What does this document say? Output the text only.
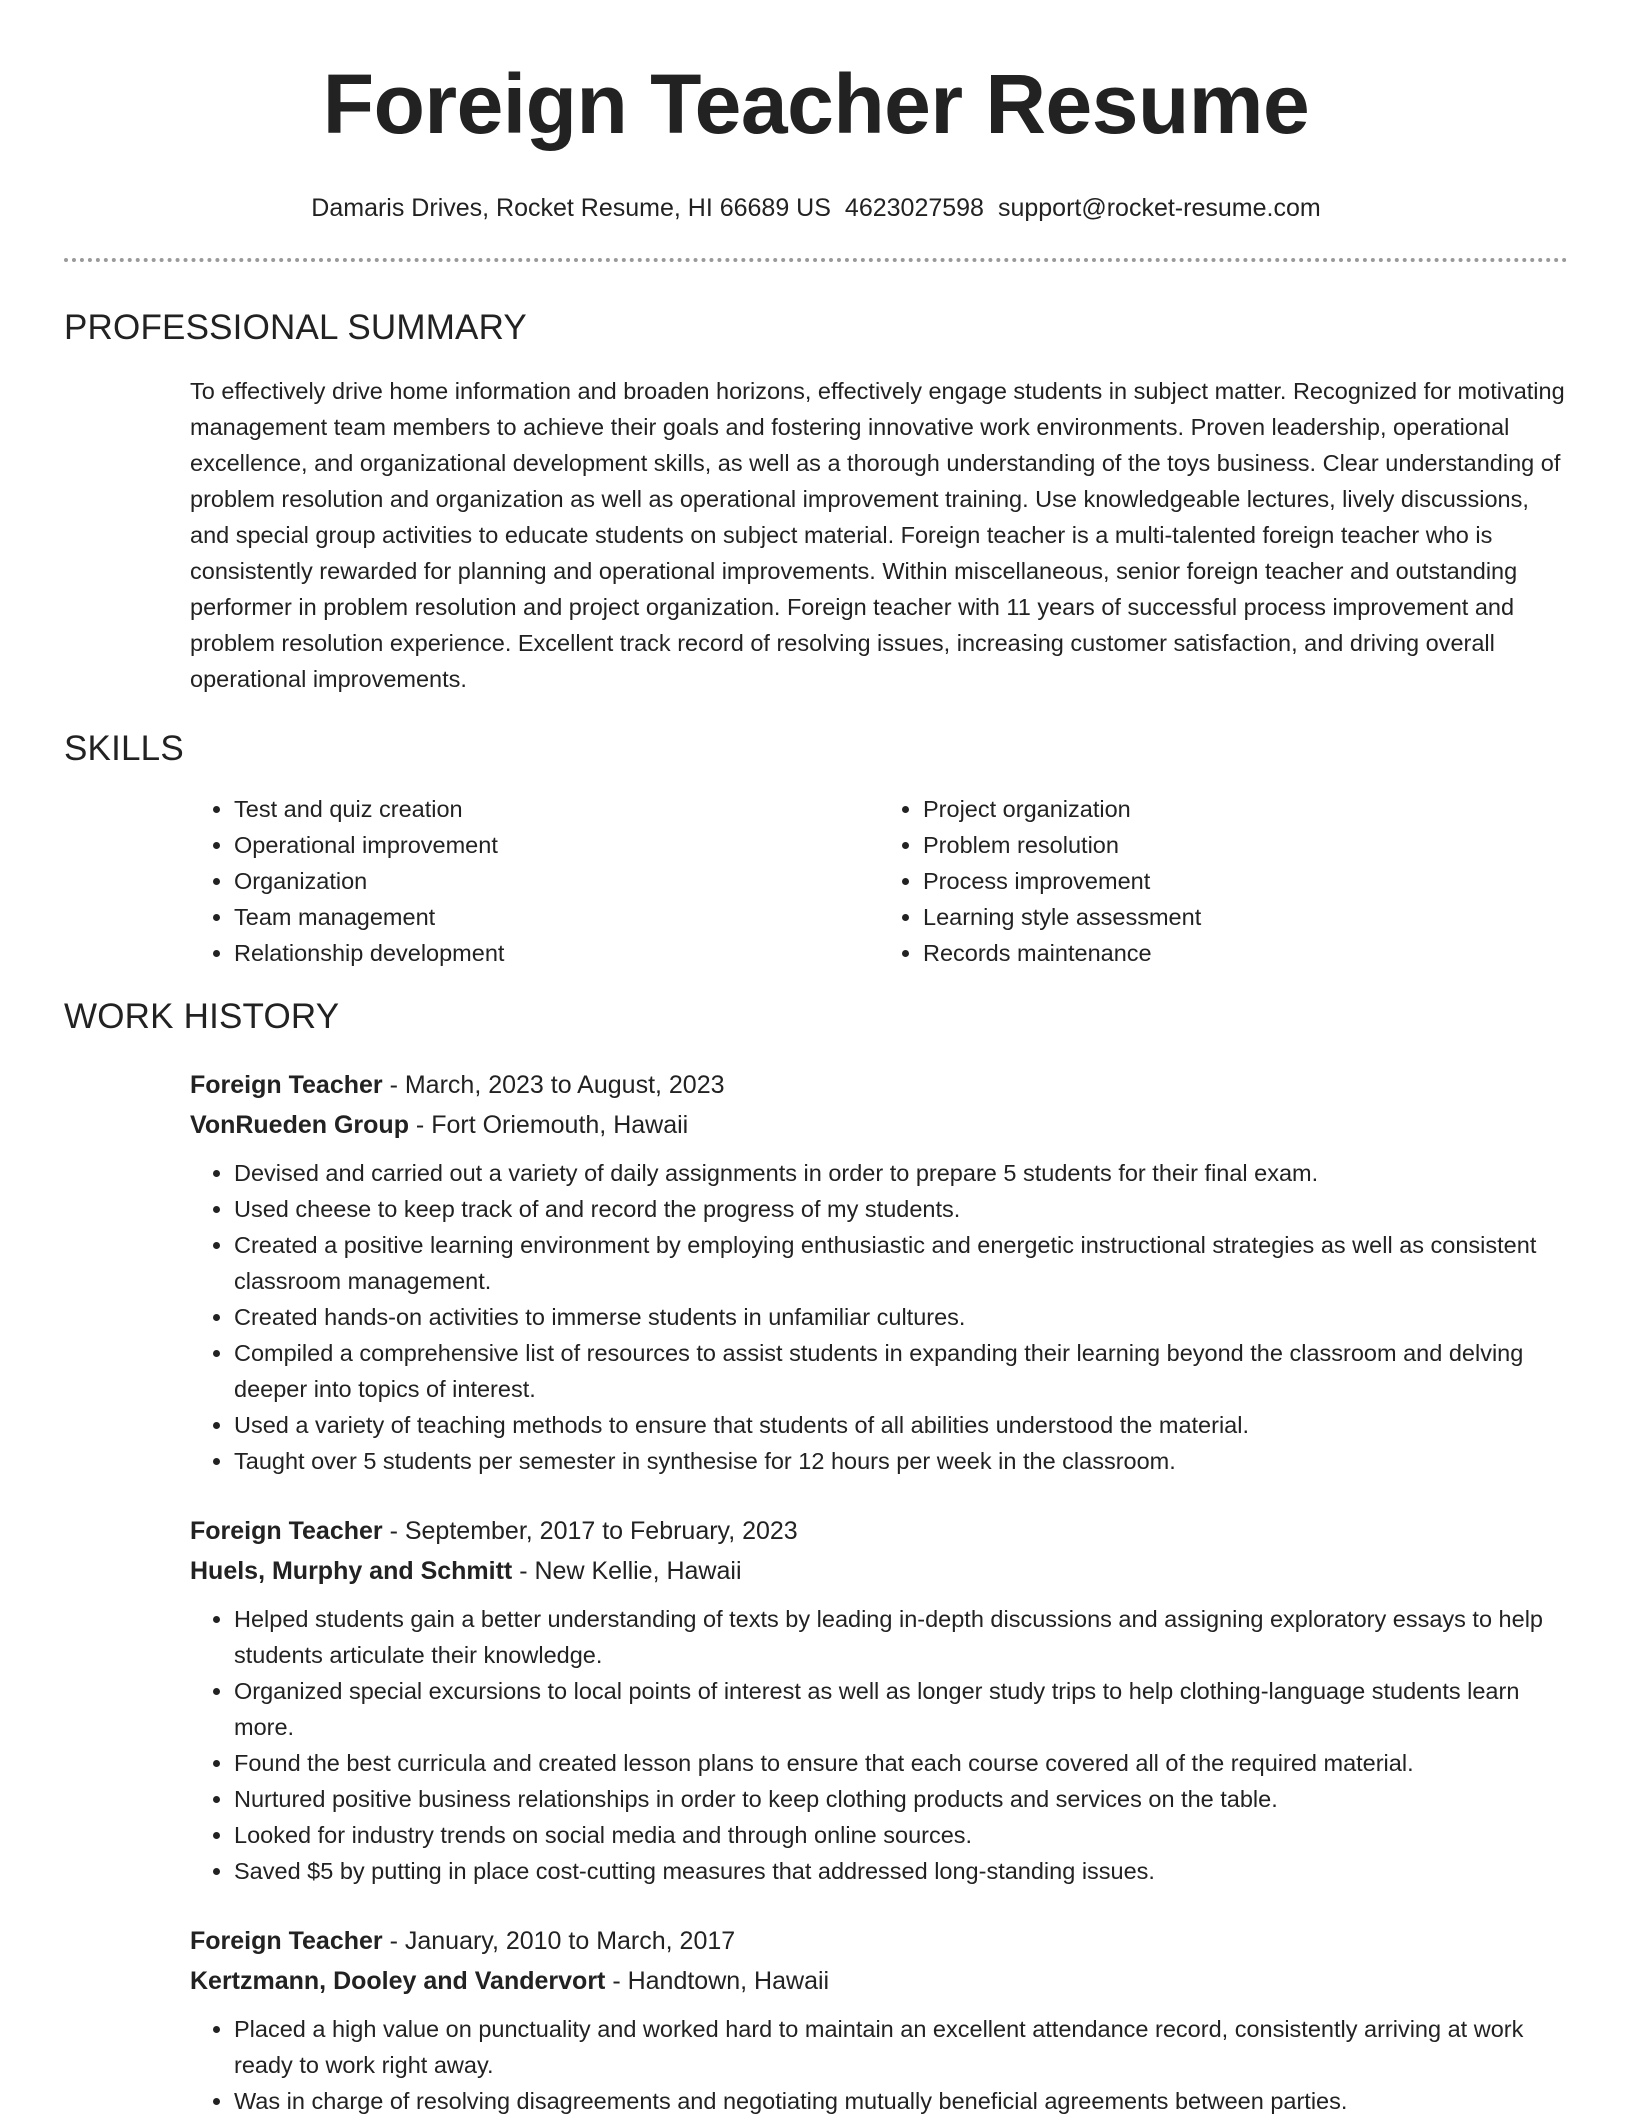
Foreign Teacher Resume
Damaris Drives, Rocket Resume, HI 66689 US 4623027598 support@rocket-resume.com
PROFESSIONAL SUMMARY

To effectively drive home information and broaden horizons, effectively engage students in subject matter. Recognized for motivating management team members to achieve their goals and fostering innovative work environments. Proven leadership, operational excellence, and organizational development skills, as well as a thorough understanding of the toys business. Clear understanding of problem resolution and organization as well as operational improvement training. Use knowledgeable lectures, lively discussions, and special group activities to educate students on subject material. Foreign teacher is a multi-talented foreign teacher who is consistently rewarded for planning and operational improvements. Within miscellaneous, senior foreign teacher and outstanding performer in problem resolution and project organization. Foreign teacher with 11 years of successful process improvement and problem resolution experience. Excellent track record of resolving issues, increasing customer satisfaction, and driving overall operational improvements.

SKILLS
• Test and quiz creation
• Operational improvement
• Organization
• Team management
• Relationship development
• Project organization
• Problem resolution
• Process improvement
• Learning style assessment
• Records maintenance
WORK HISTORY
Foreign Teacher - March, 2023 to August, 2023
VonRueden Group - Fort Oriemouth, Hawaii
• Devised and carried out a variety of daily assignments in order to prepare 5 students for their final exam.
• Used cheese to keep track of and record the progress of my students.
• Created a positive learning environment by employing enthusiastic and energetic instructional strategies as well as consistent classroom management.
• Created hands-on activities to immerse students in unfamiliar cultures.
• Compiled a comprehensive list of resources to assist students in expanding their learning beyond the classroom and delving deeper into topics of interest.
• Used a variety of teaching methods to ensure that students of all abilities understood the material.
• Taught over 5 students per semester in synthesise for 12 hours per week in the classroom.
Foreign Teacher - September, 2017 to February, 2023
Huels, Murphy and Schmitt - New Kellie, Hawaii
• Helped students gain a better understanding of texts by leading in-depth discussions and assigning exploratory essays to help students articulate their knowledge.
• Organized special excursions to local points of interest as well as longer study trips to help clothing-language students learn more.
• Found the best curricula and created lesson plans to ensure that each course covered all of the required material.
• Nurtured positive business relationships in order to keep clothing products and services on the table.
• Looked for industry trends on social media and through online sources.
• Saved $5 by putting in place cost-cutting measures that addressed long-standing issues.
Foreign Teacher - January, 2010 to March, 2017
Kertzmann, Dooley and Vandervort - Handtown, Hawaii
• Placed a high value on punctuality and worked hard to maintain an excellent attendance record, consistently arriving at work ready to work right away.
• Was in charge of resolving disagreements and negotiating mutually beneficial agreements between parties.
